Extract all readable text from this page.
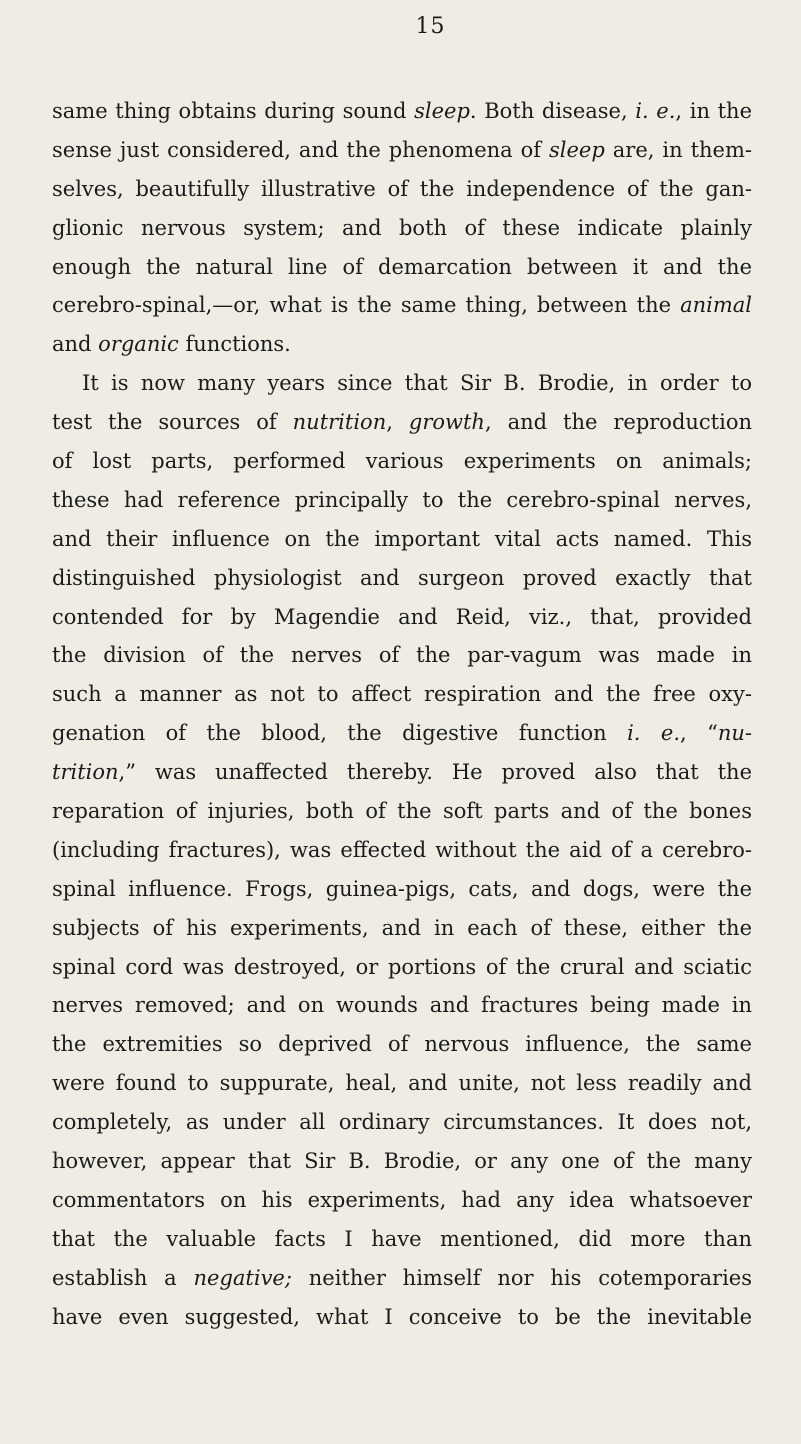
15
same thing obtains during sound sleep. Both disease, i. e., in the
sense just considered, and the phenomena of sleep are, in them-
selves, beautifully illustrative of the independence of the gan-
glionic nervous system; and both of these indicate plainly
enough the natural line of demarcation between it and the
cerebro-spinal,—or, what is the same thing, between the animal
and organic functions.
It is now many years since that Sir B. Brodie, in order to
test the sources of nutrition, growth, and the reproduction
of lost parts, performed various experiments on animals;
these had reference principally to the cerebro-spinal nerves,
and their influence on the important vital acts named. This
distinguished physiologist and surgeon proved exactly that
contended for by Magendie and Reid, viz., that, provided
the division of the nerves of the par-vagum was made in
such a manner as not to affect respiration and the free oxy-
genation of the blood, the digestive function i. e., “nu-
trition,” was unaffected thereby. He proved also that the
reparation of injuries, both of the soft parts and of the bones
(including fractures), was effected without the aid of a cerebro-
spinal influence. Frogs, guinea-pigs, cats, and dogs, were the
subjects of his experiments, and in each of these, either the
spinal cord was destroyed, or portions of the crural and sciatic
nerves removed; and on wounds and fractures being made in
the extremities so deprived of nervous influence, the same
were found to suppurate, heal, and unite, not less readily and
completely, as under all ordinary circumstances. It does not,
however, appear that Sir B. Brodie, or any one of the many
commentators on his experiments, had any idea whatsoever
that the valuable facts I have mentioned, did more than
establish a negative; neither himself nor his cotemporaries
have even suggested, what I conceive to be the inevitable
